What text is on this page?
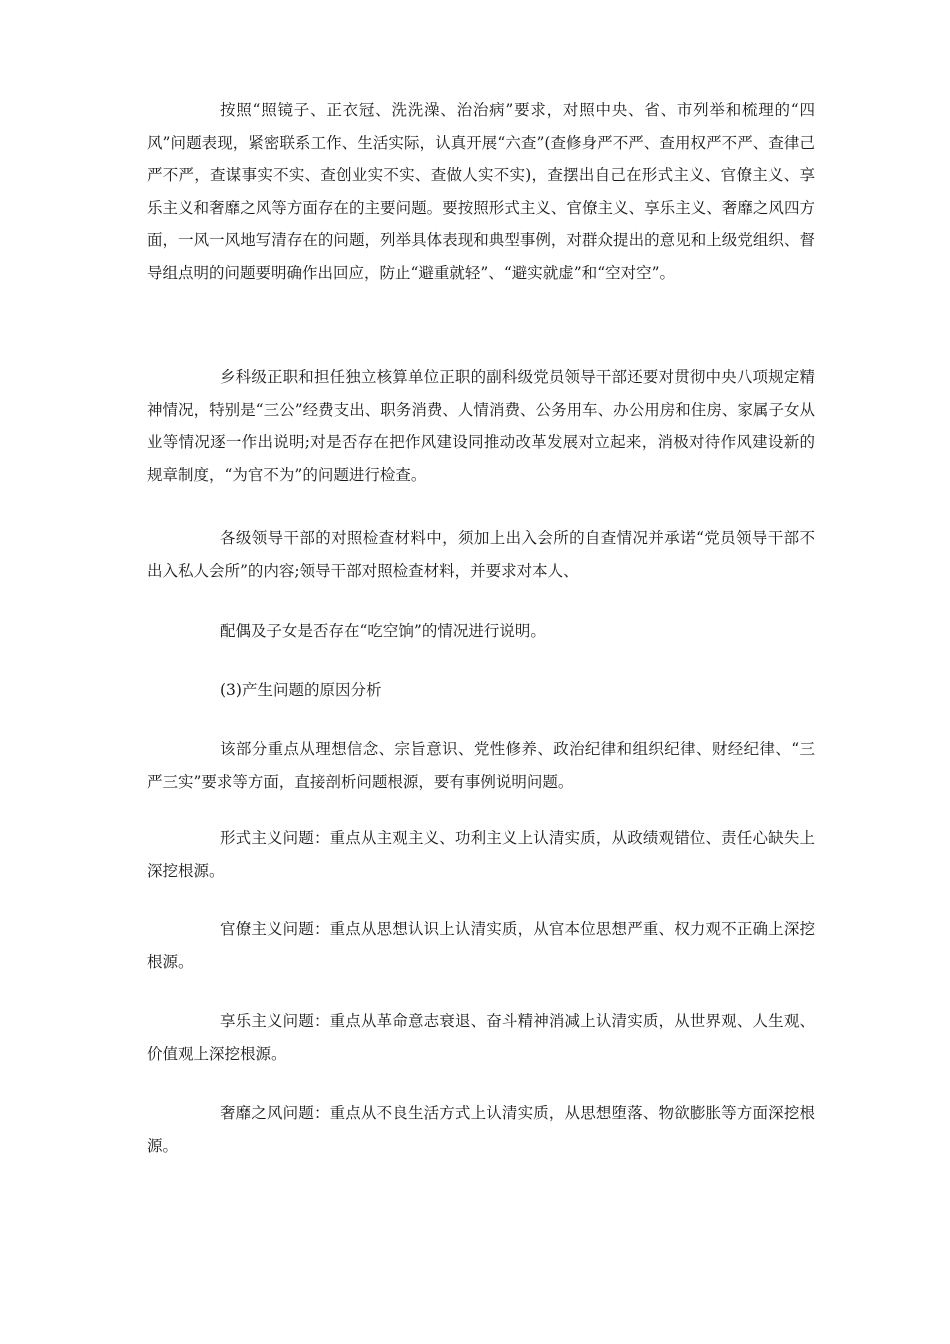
按照“照镜子、正衣冠、洗洗澡、治治病”要求，对照中央、省、市列举和梳理的“四风”问题表现，紧密联系工作、生活实际，认真开展“六查”(查修身严不严、查用权严不严、查律己严不严，查谋事实不实、查创业实不实、查做人实不实)，查摆出自己在形式主义、官僚主义、享乐主义和奢靡之风等方面存在的主要问题。要按照形式主义、官僚主义、享乐主义、奢靡之风四方面，一风一风地写清存在的问题，列举具体表现和典型事例，对群众提出的意见和上级党组织、督导组点明的问题要明确作出回应，防止“避重就轻”、“避实就虚”和“空对空”。

乡科级正职和担任独立核算单位正职的副科级党员领导干部还要对贯彻中央八项规定精神情况，特别是“三公”经费支出、职务消费、人情消费、公务用车、办公用房和住房、家属子女从业等情况逐一作出说明;对是否存在把作风建设同推动改革发展对立起来，消极对待作风建设新的规章制度，“为官不为”的问题进行检查。

各级领导干部的对照检查材料中，须加上出入会所的自查情况并承诺“党员领导干部不出入私人会所”的内容;领导干部对照检查材料，并要求对本人、

配偶及子女是否存在“吃空饷”的情况进行说明。

(3)产生问题的原因分析

该部分重点从理想信念、宗旨意识、党性修养、政治纪律和组织纪律、财经纪律、“三严三实”要求等方面，直接剖析问题根源，要有事例说明问题。

形式主义问题：重点从主观主义、功利主义上认清实质，从政绩观错位、责任心缺失上深挖根源。

官僚主义问题：重点从思想认识上认清实质，从官本位思想严重、权力观不正确上深挖根源。

享乐主义问题：重点从革命意志衰退、奋斗精神消减上认清实质，从世界观、人生观、价值观上深挖根源。

奢靡之风问题：重点从不良生活方式上认清实质，从思想堕落、物欲膨胀等方面深挖根源。
